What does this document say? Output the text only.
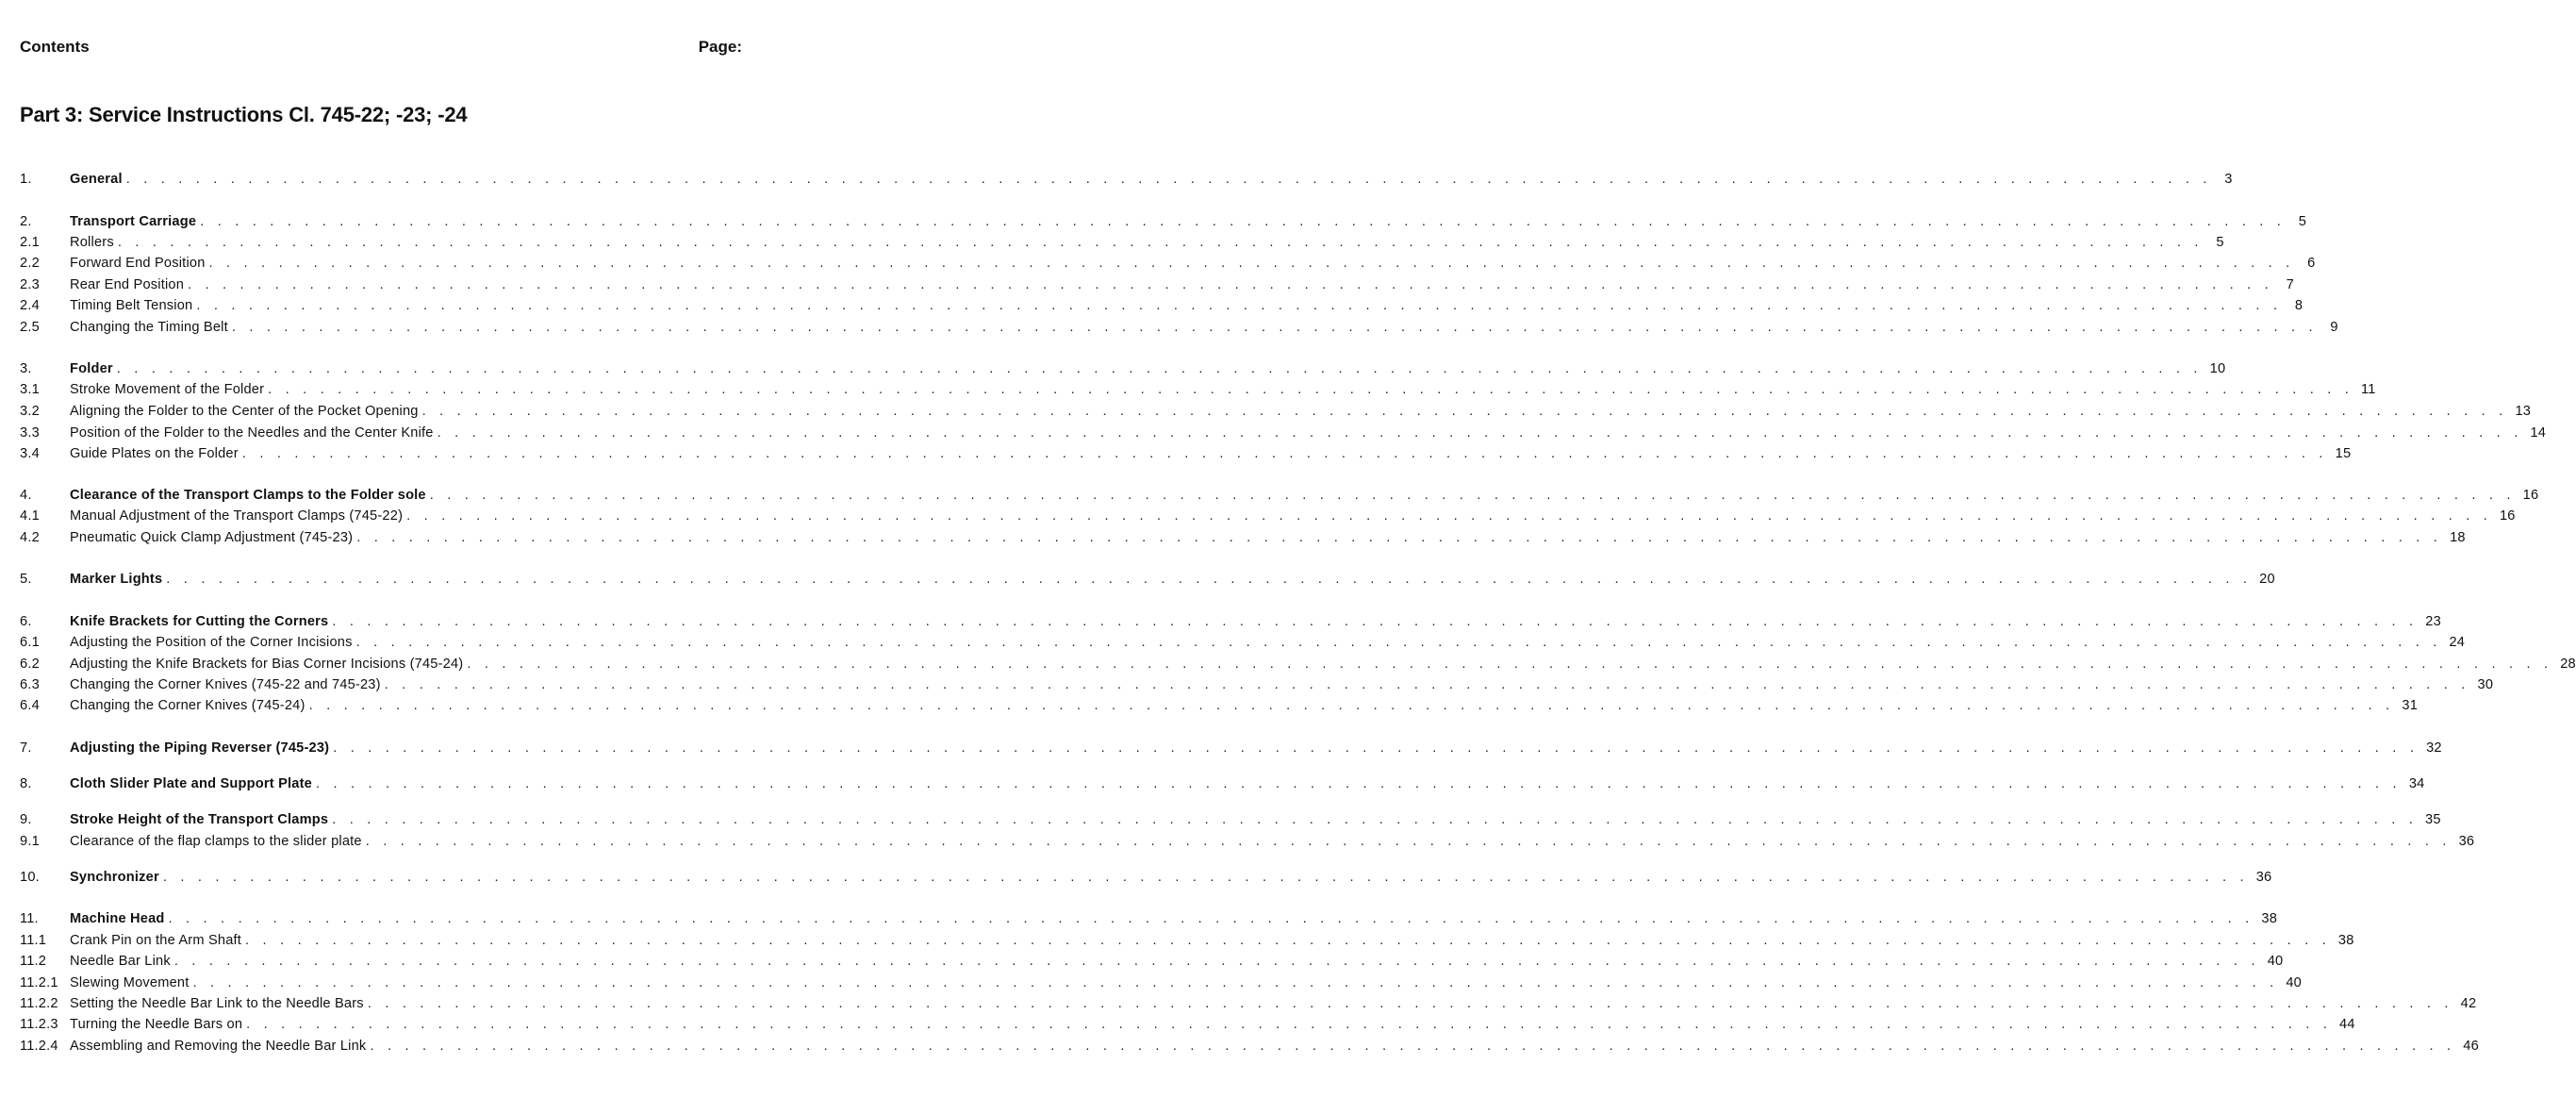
Contents	Page:
Part 3: Service Instructions Cl. 745-22; -23; -24
1.	General . . . . . . . . . . . . . . . . . . . . . . . . . . . . . . . . . . . . . . . . . . . . . . . . . . . . . . . . . . . . . . . . . . . . . . . . . . . . . . . . . . . . . . . . . . . . . . . . . . . . . . . . . . . . . . . . . . . . . . . . 3
2.	Transport Carriage . . . . . . . . . . . . . . . . . . . . . . . . . . . . . . . . . . . . . . . . . . . . . . . . . . . . . . . . . . . . . . . . . . . . . . . . . . . . . . . . . . . . . . . . . . . . . . . . . . . . . . . . . . . . . . . . . . . . . . . . 5
2.1	Rollers . . . . . . . . . . . . . . . . . . . . . . . . . . . . . . . . . . . . . . . . . . . . . . . . . . . . . . . . . . . . . . . . . . . . . . . . . . . . . . . . . . . . . . . . . . . . . . . . . . . . . . . . . . . . . . . . . . . . . . . . 5
2.2	Forward End Position . . . . . . . . . . . . . . . . . . . . . . . . . . . . . . . . . . . . . . . . . . . . . . . . . . . . . . . . . . . . . . . . . . . . . . . . . . . . . . . . . . . . . . . . . . . . . . . . . . . . . . . . . . . . . . . . . . . . . . . . 6
2.3	Rear End Position . . . . . . . . . . . . . . . . . . . . . . . . . . . . . . . . . . . . . . . . . . . . . . . . . . . . . . . . . . . . . . . . . . . . . . . . . . . . . . . . . . . . . . . . . . . . . . . . . . . . . . . . . . . . . . . . . . . . . . . . 7
2.4	Timing Belt Tension . . . . . . . . . . . . . . . . . . . . . . . . . . . . . . . . . . . . . . . . . . . . . . . . . . . . . . . . . . . . . . . . . . . . . . . . . . . . . . . . . . . . . . . . . . . . . . . . . . . . . . . . . . . . . . . . . . . . . . . . 8
2.5	Changing the Timing Belt . . . . . . . . . . . . . . . . . . . . . . . . . . . . . . . . . . . . . . . . . . . . . . . . . . . . . . . . . . . . . . . . . . . . . . . . . . . . . . . . . . . . . . . . . . . . . . . . . . . . . . . . . . . . . . . . . . . . . . . . 9
3.	Folder . . . . . . . . . . . . . . . . . . . . . . . . . . . . . . . . . . . . . . . . . . . . . . . . . . . . . . . . . . . . . . . . . . . . . . . . . . . . . . . . . . . . . . . . . . . . . . . . . . . . . . . . . . . . . . . . . . . . . . . . 10
3.1	Stroke Movement of the Folder . . . . . . . . . . . . . . . . . . . . . . . . . . . . . . . . . . . . . . . . . . . . . . . . . . . . . . . . . . . . . . . . . . . . . . . . . . . . . . . . . . . . . . . . . . . . . . . . . . . . . . . . . . . . . . . . . . . . . . . . 11
3.2	Aligning the Folder to the Center of the Pocket Opening . . . . . . . . . . . . . . . . . . . . . . . . . . . . . . . . . . . . . . . . . . . . . . . . . . . . . . . . . . . . . . . . . . . . . . . . . . . . . . . . . . . . . . . . . . . . . . . . . . . . . . . . . . . . . . . . . . . . . . . . 13
3.3	Position of the Folder to the Needles and the Center Knife . . . . . . . . . . . . . . . . . . . . . . . . . . . . . . . . . . . . . . . . . . . . . . . . . . . . . . . . . . . . . . . . . . . . . . . . . . . . . . . . . . . . . . . . . . . . . . . . . . . . . . . . . . . . . . . . . . . . . . . . 14
3.4	Guide Plates on the Folder . . . . . . . . . . . . . . . . . . . . . . . . . . . . . . . . . . . . . . . . . . . . . . . . . . . . . . . . . . . . . . . . . . . . . . . . . . . . . . . . . . . . . . . . . . . . . . . . . . . . . . . . . . . . . . . . . . . . . . . . 15
4.	Clearance of the Transport Clamps to the Folder sole . . . . . . . . . . . . . . . . . . . . . . . . . . . . . . . . . . . . . . . . . . . . . . . . . . . . . . . . . . . . . . . . . . . . . . . . . . . . . . . . . . . . . . . . . . . . . . . . . . . . . . . . . . . . . . . . . . . . . . . . 16
4.1	Manual Adjustment of the Transport Clamps (745-22) . . . . . . . . . . . . . . . . . . . . . . . . . . . . . . . . . . . . . . . . . . . . . . . . . . . . . . . . . . . . . . . . . . . . . . . . . . . . . . . . . . . . . . . . . . . . . . . . . . . . . . . . . . . . . . . . . . . . . . . . 16
4.2	Pneumatic Quick Clamp Adjustment (745-23) . . . . . . . . . . . . . . . . . . . . . . . . . . . . . . . . . . . . . . . . . . . . . . . . . . . . . . . . . . . . . . . . . . . . . . . . . . . . . . . . . . . . . . . . . . . . . . . . . . . . . . . . . . . . . . . . . . . . . . . . 18
5.	Marker Lights . . . . . . . . . . . . . . . . . . . . . . . . . . . . . . . . . . . . . . . . . . . . . . . . . . . . . . . . . . . . . . . . . . . . . . . . . . . . . . . . . . . . . . . . . . . . . . . . . . . . . . . . . . . . . . . . . . . . . . . . 20
6.	Knife Brackets for Cutting the Corners . . . . . . . . . . . . . . . . . . . . . . . . . . . . . . . . . . . . . . . . . . . . . . . . . . . . . . . . . . . . . . . . . . . . . . . . . . . . . . . . . . . . . . . . . . . . . . . . . . . . . . . . . . . . . . . . . . . . . . . . 23
6.1	Adjusting the Position of the Corner Incisions . . . . . . . . . . . . . . . . . . . . . . . . . . . . . . . . . . . . . . . . . . . . . . . . . . . . . . . . . . . . . . . . . . . . . . . . . . . . . . . . . . . . . . . . . . . . . . . . . . . . . . . . . . . . . . . . . . . . . . . . 24
6.2	Adjusting the Knife Brackets for Bias Corner Incisions (745-24) . . . . . . . . . . . . . . . . . . . . . . . . . . . . . . . . . . . . . . . . . . . . . . . . . . . . . . . . . . . . . . . . . . . . . . . . . . . . . . . . . . . . . . . . . . . . . . . . . . . . . . . . . . . . . . . . . . . . . . . . 28
6.3	Changing the Corner Knives (745-22 and 745-23) . . . . . . . . . . . . . . . . . . . . . . . . . . . . . . . . . . . . . . . . . . . . . . . . . . . . . . . . . . . . . . . . . . . . . . . . . . . . . . . . . . . . . . . . . . . . . . . . . . . . . . . . . . . . . . . . . . . . . . . . 30
6.4	Changing the Corner Knives (745-24) . . . . . . . . . . . . . . . . . . . . . . . . . . . . . . . . . . . . . . . . . . . . . . . . . . . . . . . . . . . . . . . . . . . . . . . . . . . . . . . . . . . . . . . . . . . . . . . . . . . . . . . . . . . . . . . . . . . . . . . . 31
7.	Adjusting the Piping Reverser (745-23) . . . . . . . . . . . . . . . . . . . . . . . . . . . . . . . . . . . . . . . . . . . . . . . . . . . . . . . . . . . . . . . . . . . . . . . . . . . . . . . . . . . . . . . . . . . . . . . . . . . . . . . . . . . . . . . . . . . . . . . . 32
8.	Cloth Slider Plate and Support Plate . . . . . . . . . . . . . . . . . . . . . . . . . . . . . . . . . . . . . . . . . . . . . . . . . . . . . . . . . . . . . . . . . . . . . . . . . . . . . . . . . . . . . . . . . . . . . . . . . . . . . . . . . . . . . . . . . . . . . . . . 34
9.	Stroke Height of the Transport Clamps . . . . . . . . . . . . . . . . . . . . . . . . . . . . . . . . . . . . . . . . . . . . . . . . . . . . . . . . . . . . . . . . . . . . . . . . . . . . . . . . . . . . . . . . . . . . . . . . . . . . . . . . . . . . . . . . . . . . . . . . 35
9.1	Clearance of the flap clamps to the slider plate . . . . . . . . . . . . . . . . . . . . . . . . . . . . . . . . . . . . . . . . . . . . . . . . . . . . . . . . . . . . . . . . . . . . . . . . . . . . . . . . . . . . . . . . . . . . . . . . . . . . . . . . . . . . . . . . . . . . . . . . 36
10.	Synchronizer . . . . . . . . . . . . . . . . . . . . . . . . . . . . . . . . . . . . . . . . . . . . . . . . . . . . . . . . . . . . . . . . . . . . . . . . . . . . . . . . . . . . . . . . . . . . . . . . . . . . . . . . . . . . . . . . . . . . . . . . 36
11.	Machine Head . . . . . . . . . . . . . . . . . . . . . . . . . . . . . . . . . . . . . . . . . . . . . . . . . . . . . . . . . . . . . . . . . . . . . . . . . . . . . . . . . . . . . . . . . . . . . . . . . . . . . . . . . . . . . . . . . . . . . . . . 38
11.1	Crank Pin on the Arm Shaft . . . . . . . . . . . . . . . . . . . . . . . . . . . . . . . . . . . . . . . . . . . . . . . . . . . . . . . . . . . . . . . . . . . . . . . . . . . . . . . . . . . . . . . . . . . . . . . . . . . . . . . . . . . . . . . . . . . . . . . . 38
11.2	Needle Bar Link . . . . . . . . . . . . . . . . . . . . . . . . . . . . . . . . . . . . . . . . . . . . . . . . . . . . . . . . . . . . . . . . . . . . . . . . . . . . . . . . . . . . . . . . . . . . . . . . . . . . . . . . . . . . . . . . . . . . . . . . 40
11.2.1 Slewing Movement . . . . . . . . . . . . . . . . . . . . . . . . . . . . . . . . . . . . . . . . . . . . . . . . . . . . . . . . . . . . . . . . . . . . . . . . . . . . . . . . . . . . . . . . . . . . . . . . . . . . . . . . . . . . . . . . . . . . . . . . 40
11.2.2 Setting the Needle Bar Link to the Needle Bars . . . . . . . . . . . . . . . . . . . . . . . . . . . . . . . . . . . . . . . . . . . . . . . . . . . . . . . . . . . . . . . . . . . . . . . . . . . . . . . . . . . . . . . . . . . . . . . . . . . . . . . . . . . . . . . . . . . . . . . . 42
11.2.3 Turning the Needle Bars on . . . . . . . . . . . . . . . . . . . . . . . . . . . . . . . . . . . . . . . . . . . . . . . . . . . . . . . . . . . . . . . . . . . . . . . . . . . . . . . . . . . . . . . . . . . . . . . . . . . . . . . . . . . . . . . . . . . . . . . . 44
11.2.4 Assembling and Removing the Needle Bar Link . . . . . . . . . . . . . . . . . . . . . . . . . . . . . . . . . . . . . . . . . . . . . . . . . . . . . . . . . . . . . . . . . . . . . . . . . . . . . . . . . . . . . . . . . . . . . . . . . . . . . . . . . . . . . . . . . . . . . . . . 46
